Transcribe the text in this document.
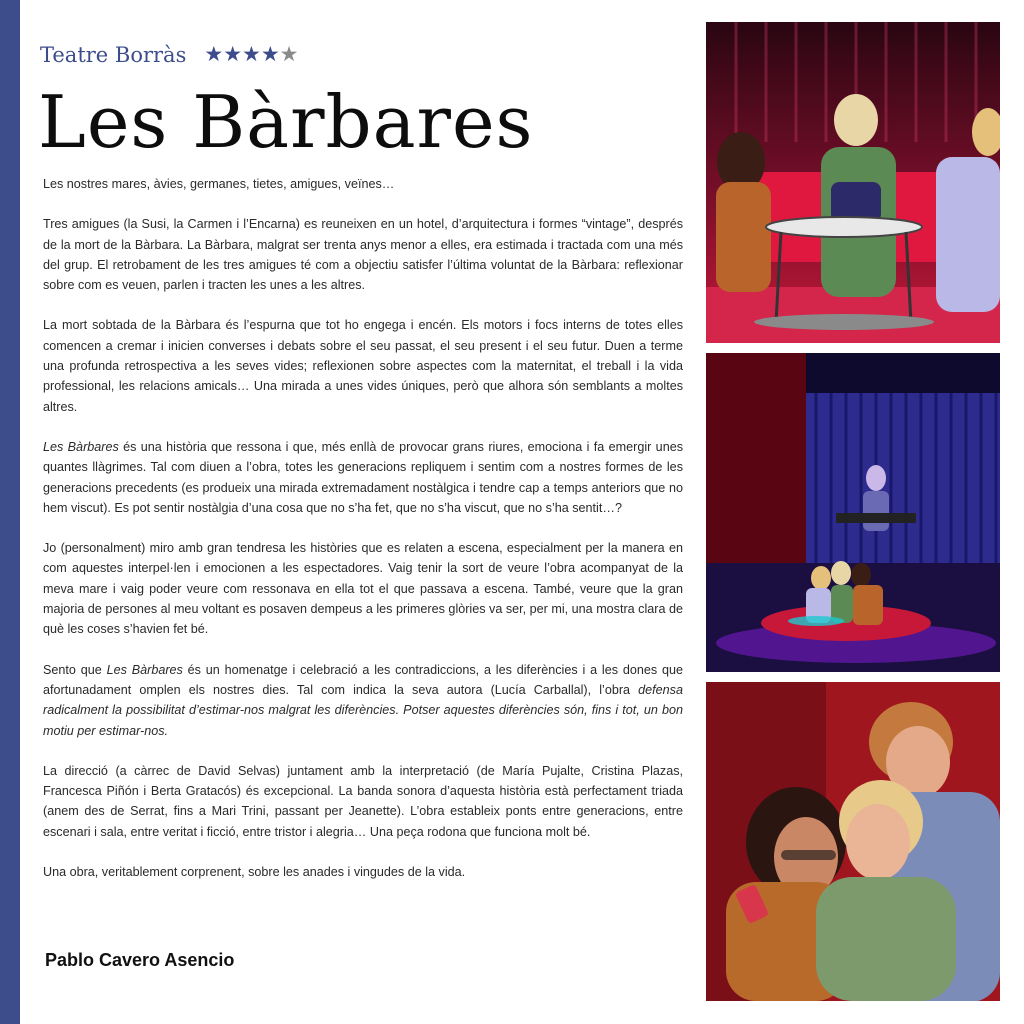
Teatre Borràs ★★★★★
Les Bàrbares

Les nostres mares, àvies, germanes, tietes, amigues, veïnes…

Tres amigues (la Susi, la Carmen i l’Encarna) es reuneixen en un hotel, d’arquitectura i formes “vintage”, després de la mort de la Bàrbara. La Bàrbara, malgrat ser trenta anys menor a elles, era estimada i tractada com una més del grup. El retrobament de les tres amigues té com a objectiu satisfer l’última voluntat de la Bàrbara: reflexionar sobre com es veuen, parlen i tracten les unes a les altres.

La mort sobtada de la Bàrbara és l’espurna que tot ho engega i encén. Els motors i focs interns de totes elles comencen a cremar i inicien converses i debats sobre el seu passat, el seu present i el seu futur. Duen a terme una profunda retrospectiva a les seves vides; reflexionen sobre aspectes com la maternitat, el treball i la vida professional, les relacions amicals… Una mirada a unes vides úniques, però que alhora són semblants a moltes altres.

Les Bàrbares és una història que ressona i que, més enllà de provocar grans riures, emociona i fa emergir unes quantes llàgrimes. Tal com diuen a l’obra, totes les generacions repliquem i sentim com a nostres formes de les generacions precedents (es produeix una mirada extremadament nostàlgica i tendre cap a temps anteriors que no hem viscut). Es pot sentir nostàlgia d’una cosa que no s’ha fet, que no s’ha viscut, que no s’ha sentit…?

Jo (personalment) miro amb gran tendresa les històries que es relaten a escena, especialment per la manera en com aquestes interpel·len i emocionen a les espectadores. Vaig tenir la sort de veure l’obra acompanyat de la meva mare i vaig poder veure com ressonava en ella tot el que passava a escena. També, veure que la gran majoria de persones al meu voltant es posaven dempeus a les primeres glòries va ser, per mi, una mostra clara de què les coses s’havien fet bé.

Sento que Les Bàrbares és un homenatge i celebració a les contradiccions, a les diferències i a les dones que afortunadament omplen els nostres dies. Tal com indica la seva autora (Lucía Carballal), l’obra defensa radicalment la possibilitat d’estimar-nos malgrat les diferències. Potser aquestes diferències són, fins i tot, un bon motiu per estimar-nos.

La direcció (a càrrec de David Selvas) juntament amb la interpretació (de María Pujalte, Cristina Plazas, Francesca Piñón i Berta Gratacós) és excepcional. La banda sonora d’aquesta història està perfectament triada (anem des de Serrat, fins a Mari Trini, passant per Jeanette). L’obra estableix ponts entre generacions, entre escenari i sala, entre veritat i ficció, entre tristor i alegria… Una peça rodona que funciona molt bé.

Una obra, veritablement corprenent, sobre les anades i vingudes de la vida.

Pablo Cavero Asencio
